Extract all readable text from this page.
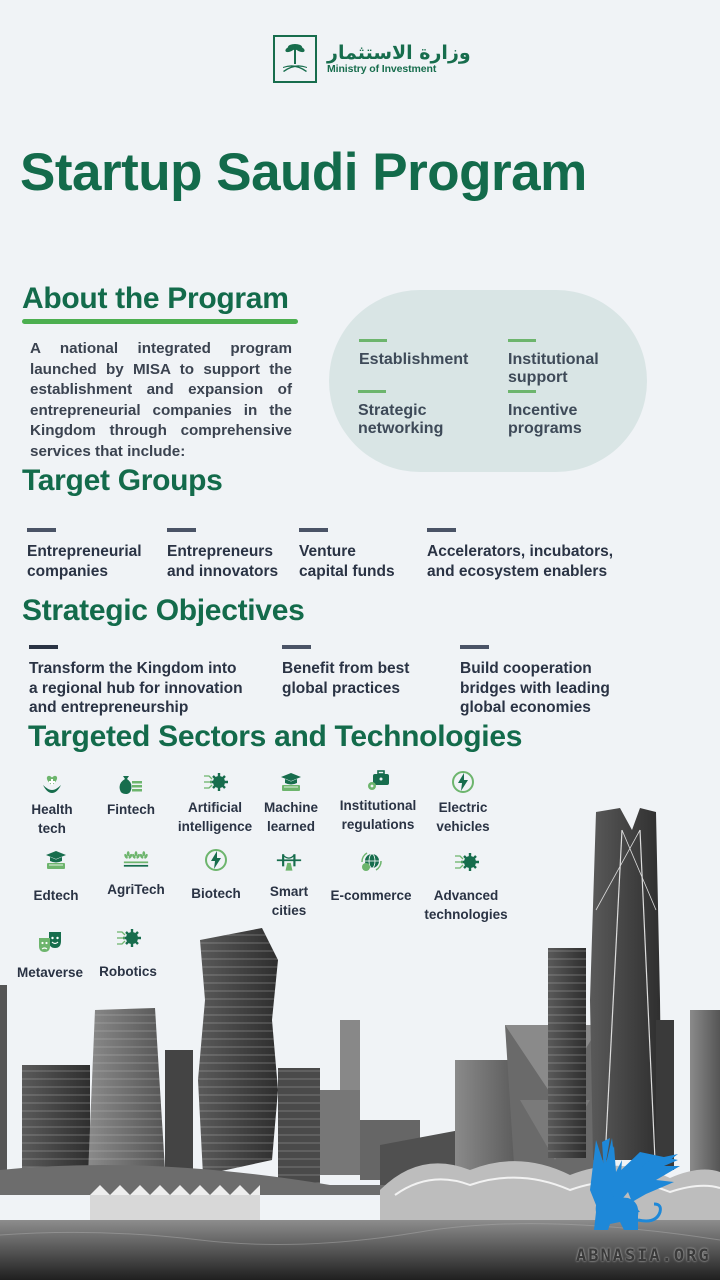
وزارة الاستثمار
Ministry of Investment
Startup Saudi Program
About the Program

A national integrated program launched by MISA to support the establishment and expansion of entrepreneurial companies in the Kingdom through comprehensive services that include:

Establishment Institutional support
Strategic networking
Incentive programs
Target Groups
Entrepreneurial
companies
Entrepreneurs
and innovators
Venture
capital funds
Accelerators, incubators,
and ecosystem enablers
Strategic Objectives
Transform the Kingdom into
a regional hub for innovation
and entrepreneurship
Benefit from best
global practices
Build cooperation
bridges with leading
global economies
Targeted Sectors and Technologies
Health
tech
Fintech Artificial
intelligence
Machine
learned
Institutional
regulations
Electric
vehicles
Edtech AgriTech Biotech Smart
cities
E-commerce Advanced
technologies
Metaverse Robotics
ABNASIA.ORG
